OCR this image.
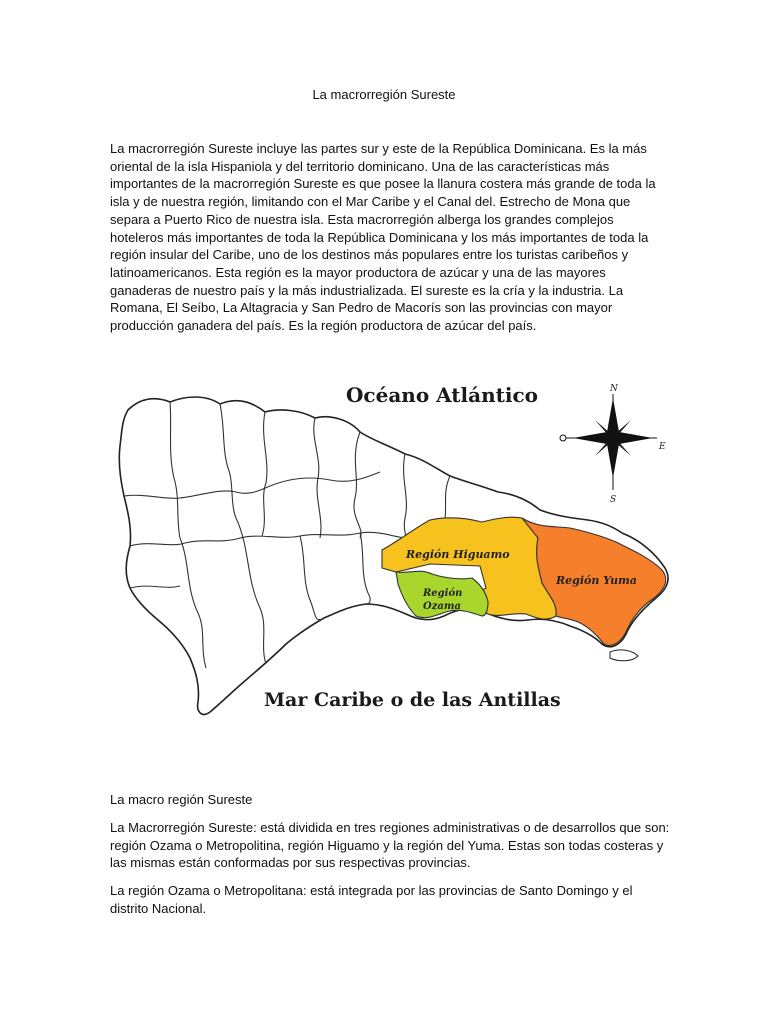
La macrorregión Sureste

La macrorregión Sureste incluye las partes sur y este de la República Dominicana. Es la más oriental de la isla Hispaniola y del territorio dominicano. Una de las características más importantes de la macrorregión Sureste es que posee la llanura costera más grande de toda la isla y de nuestra región, limitando con el Mar Caribe y el Canal del. Estrecho de Mona que separa a Puerto Rico de nuestra isla. Esta macrorregión alberga los grandes complejos hoteleros más importantes de toda la República Dominicana y los más importantes de toda la región insular del Caribe, uno de los destinos más populares entre los turistas caribeños y latinoamericanos. Esta región es la mayor productora de azúcar y una de las mayores ganaderas de nuestro país y la más industrializada. El sureste es la cría y la industria. La Romana, El Seíbo, La Altagracia y San Pedro de Macorís son las provincias con mayor producción ganadera del país. Es la región productora de azúcar del país.

Región Higuamo
Región
Ozama
Región Yuma
Océano Atlántico
Mar Caribe o de las Antillas
N
S
E
La macro región Sureste

La Macrorregión Sureste: está dividida en tres regiones administrativas o de desarrollos que son: región Ozama o Metropolitina, región Higuamo y la región del Yuma. Estas son todas costeras y las mismas están conformadas por sus respectivas provincias.

La región Ozama o Metropolitana: está integrada por las provincias de Santo Domingo y el distrito Nacional.
